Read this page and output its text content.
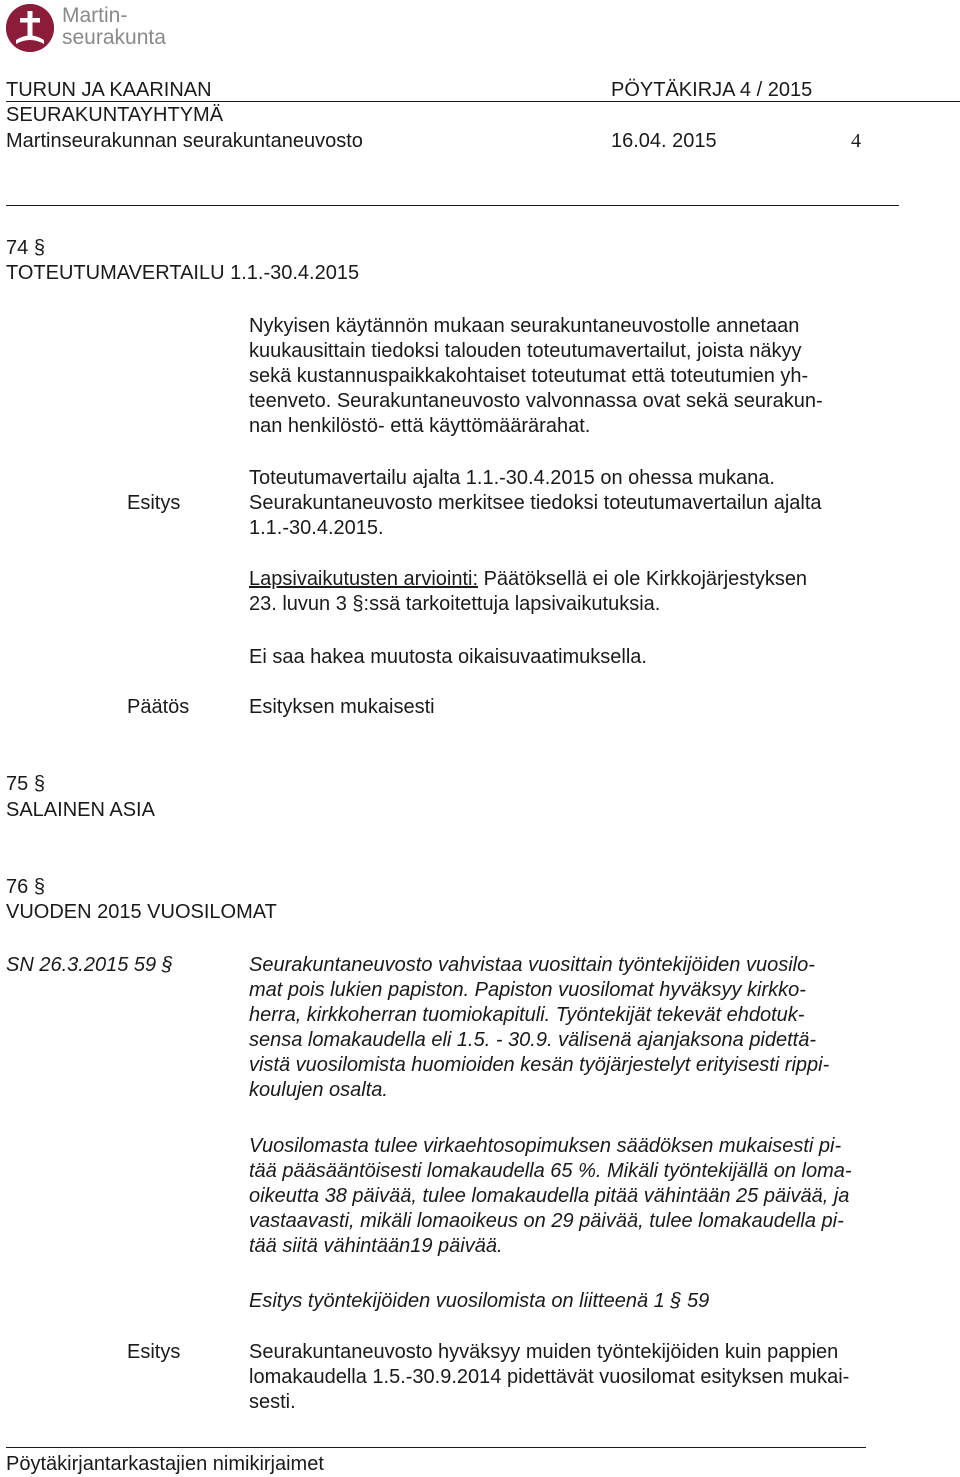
Martin-
seurakunta
TURUN JA KAARINAN	PÖYTÄKIRJA 4 / 2015
SEURAKUNTAYHTYMÄ
Martinseurakunnan seurakuntaneuvosto	16.04. 2015	4
74 §
TOTEUTUMAVERTAILU 1.1.-30.4.2015
Nykyisen käytännön mukaan seurakuntaneuvostolle annetaan
kuukausittain tiedoksi talouden toteutumavertailut, joista näkyy
sekä kustannuspaikkakohtaiset toteutumat että toteutumien yh-
teenveto. Seurakuntaneuvosto valvonnassa ovat sekä seurakun-
nan henkilöstö- että käyttömäärärahat.
Toteutumavertailu ajalta 1.1.-30.4.2015 on ohessa mukana.
Seurakuntaneuvosto merkitsee tiedoksi toteutumavertailun ajalta
1.1.-30.4.2015.
Esitys
Lapsivaikutusten arviointi: Päätöksellä ei ole Kirkkojärjestyksen
23. luvun 3 §:ssä tarkoitettuja lapsivaikutuksia.
Ei saa hakea muutosta oikaisuvaatimuksella.
Päätös	Esityksen mukaisesti
75 §
SALAINEN ASIA
76 §
VUODEN 2015 VUOSILOMAT
SN 26.3.2015 59 §	Seurakuntaneuvosto vahvistaa vuosittain työntekijöiden vuosilo-
mat pois lukien papiston. Papiston vuosilomat hyväksyy kirkko-
herra, kirkkoherran tuomiokapituli. Työntekijät tekevät ehdotuk-
sensa lomakaudella eli 1.5. - 30.9. välisenä ajanjaksona pidettä-
vistä vuosilomista huomioiden kesän työjärjestelyt erityisesti rippi-
koulujen osalta.
Vuosilomasta tulee virkaehtosopimuksen säädöksen mukaisesti pi-
tää pääsääntöisesti lomakaudella 65 %. Mikäli työntekijällä on loma-
oikeutta 38 päivää, tulee lomakaudella pitää vähintään 25 päivää, ja
vastaavasti, mikäli lomaoikeus on 29 päivää, tulee lomakaudella pi-
tää siitä vähintään19 päivää.
Esitys työntekijöiden vuosilomista on liitteenä 1 § 59
Esitys	Seurakuntaneuvosto hyväksyy muiden työntekijöiden kuin pappien
lomakaudella 1.5.-30.9.2014 pidettävät vuosilomat esityksen mukai-
sesti.
Pöytäkirjantarkastajien nimikirjaimet
